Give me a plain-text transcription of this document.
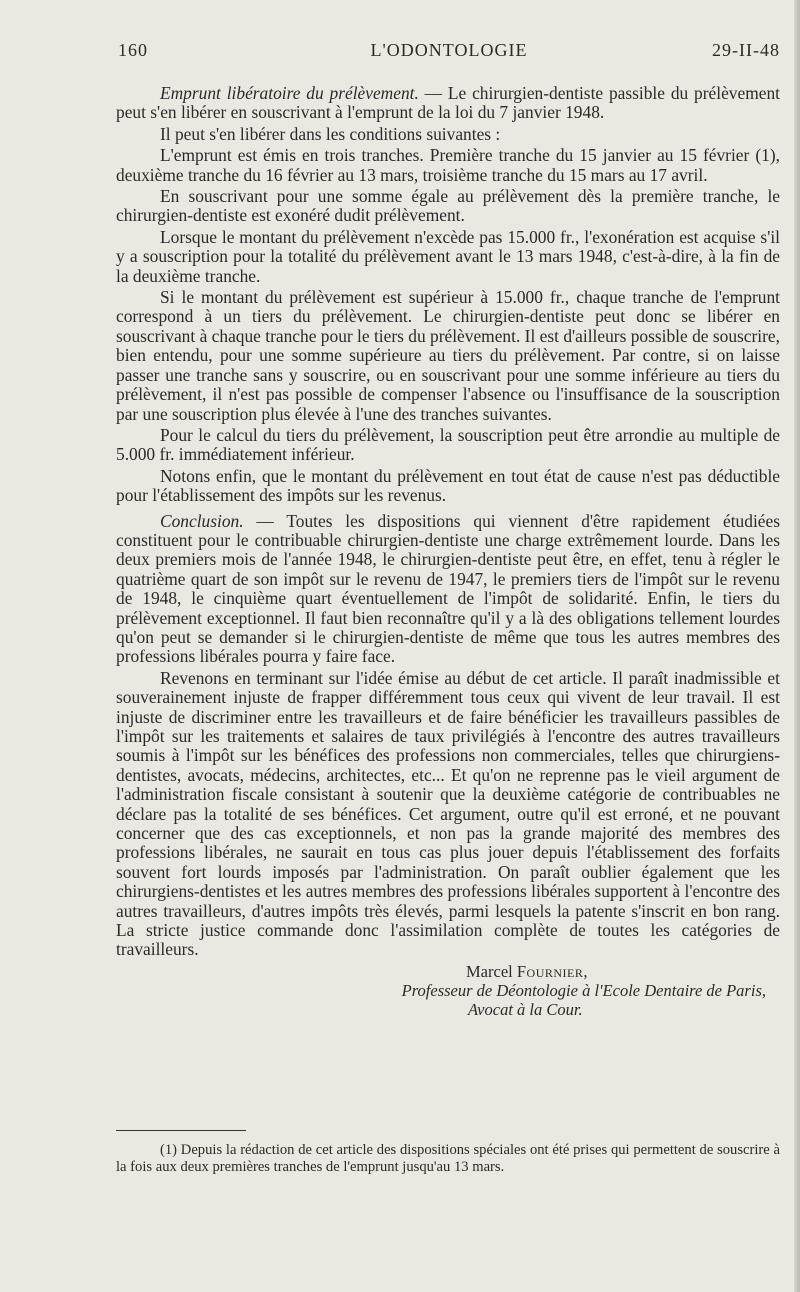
160	L'ODONTOLOGIE	29-II-48

Emprunt libératoire du prélèvement. — Le chirurgien-dentiste passible du prélèvement peut s'en libérer en souscrivant à l'emprunt de la loi du 7 janvier 1948.

Il peut s'en libérer dans les conditions suivantes :

L'emprunt est émis en trois tranches. Première tranche du 15 janvier au 15 février (1), deuxième tranche du 16 février au 13 mars, troisième tranche du 15 mars au 17 avril.

En souscrivant pour une somme égale au prélèvement dès la première tranche, le chirurgien-dentiste est exonéré dudit prélèvement.

Lorsque le montant du prélèvement n'excède pas 15.000 fr., l'exonération est acquise s'il y a souscription pour la totalité du prélèvement avant le 13 mars 1948, c'est-à-dire, à la fin de la deuxième tranche.

Si le montant du prélèvement est supérieur à 15.000 fr., chaque tranche de l'emprunt correspond à un tiers du prélèvement. Le chirurgien-dentiste peut donc se libérer en souscrivant à chaque tranche pour le tiers du prélèvement. Il est d'ailleurs possible de souscrire, bien entendu, pour une somme supérieure au tiers du prélèvement. Par contre, si on laisse passer une tranche sans y souscrire, ou en souscrivant pour une somme inférieure au tiers du prélèvement, il n'est pas possible de compenser l'absence ou l'insuffisance de la souscription par une souscription plus élevée à l'une des tranches suivantes.

Pour le calcul du tiers du prélèvement, la souscription peut être arrondie au multiple de 5.000 fr. immédiatement inférieur.

Notons enfin, que le montant du prélèvement en tout état de cause n'est pas déductible pour l'établissement des impôts sur les revenus.

Conclusion. — Toutes les dispositions qui viennent d'être rapidement étudiées constituent pour le contribuable chirurgien-dentiste une charge extrêmement lourde. Dans les deux premiers mois de l'année 1948, le chirurgien-dentiste peut être, en effet, tenu à régler le quatrième quart de son impôt sur le revenu de 1947, le premiers tiers de l'impôt sur le revenu de 1948, le cinquième quart éventuellement de l'impôt de solidarité. Enfin, le tiers du prélèvement exceptionnel. Il faut bien reconnaître qu'il y a là des obligations tellement lourdes qu'on peut se demander si le chirurgien-dentiste de même que tous les autres membres des professions libérales pourra y faire face.

Revenons en terminant sur l'idée émise au début de cet article. Il paraît inadmissible et souverainement injuste de frapper différemment tous ceux qui vivent de leur travail. Il est injuste de discriminer entre les travailleurs et de faire bénéficier les travailleurs passibles de l'impôt sur les traitements et salaires de taux privilégiés à l'encontre des autres travailleurs soumis à l'impôt sur les bénéfices des professions non commerciales, telles que chirurgiens-dentistes, avocats, médecins, architectes, etc... Et qu'on ne reprenne pas le vieil argument de l'administration fiscale consistant à soutenir que la deuxième catégorie de contribuables ne déclare pas la totalité de ses bénéfices. Cet argument, outre qu'il est erroné, et ne pouvant concerner que des cas exceptionnels, et non pas la grande majorité des membres des professions libérales, ne saurait en tous cas plus jouer depuis l'établissement des forfaits souvent fort lourds imposés par l'administration. On paraît oublier également que les chirurgiens-dentistes et les autres membres des professions libérales supportent à l'encontre des autres travailleurs, d'autres impôts très élevés, parmi lesquels la patente s'inscrit en bon rang. La stricte justice commande donc l'assimilation complète de toutes les catégories de travailleurs.

Marcel Fournier,
Professeur de Déontologie à l'Ecole Dentaire de Paris,
Avocat à la Cour.

(1) Depuis la rédaction de cet article des dispositions spéciales ont été prises qui permettent de souscrire à la fois aux deux premières tranches de l'emprunt jusqu'au 13 mars.
